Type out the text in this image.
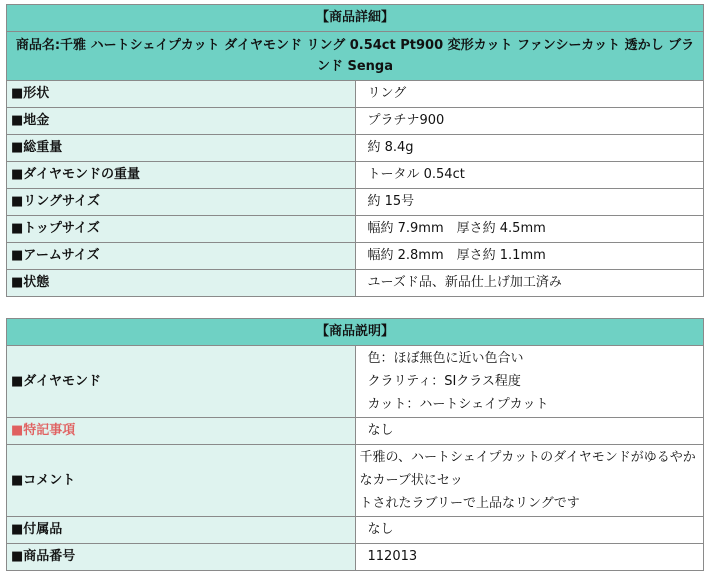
【商品詳細】	
商品名:千雅 ハートシェイプカット ダイヤモンド リング 0.54ct Pt900 変形カット ファンシーカット 透かし ブランド Senga	
■形状	リング
■地金	プラチナ900
■総重量	約 8.4g
■ダイヤモンドの重量	トータル 0.54ct
■リングサイズ	約 15号
■トップサイズ	幅約 7.9mm　厚さ約 4.5mm
■アームサイズ	幅約 2.8mm　厚さ約 1.1mm
■状態	ユーズド品、新品仕上げ加工済み
【商品説明】	
■ダイヤモンド	色：ほぼ無色に近い色合い
クラリティ：SIクラス程度
カット：ハートシェイプカット

■特記事項	なし
■コメント	千雅の、ハートシェイプカットのダイヤモンドがゆるやかなカーブ状にセッ
トされたラブリーで上品なリングです

■付属品	なし
■商品番号	112013
